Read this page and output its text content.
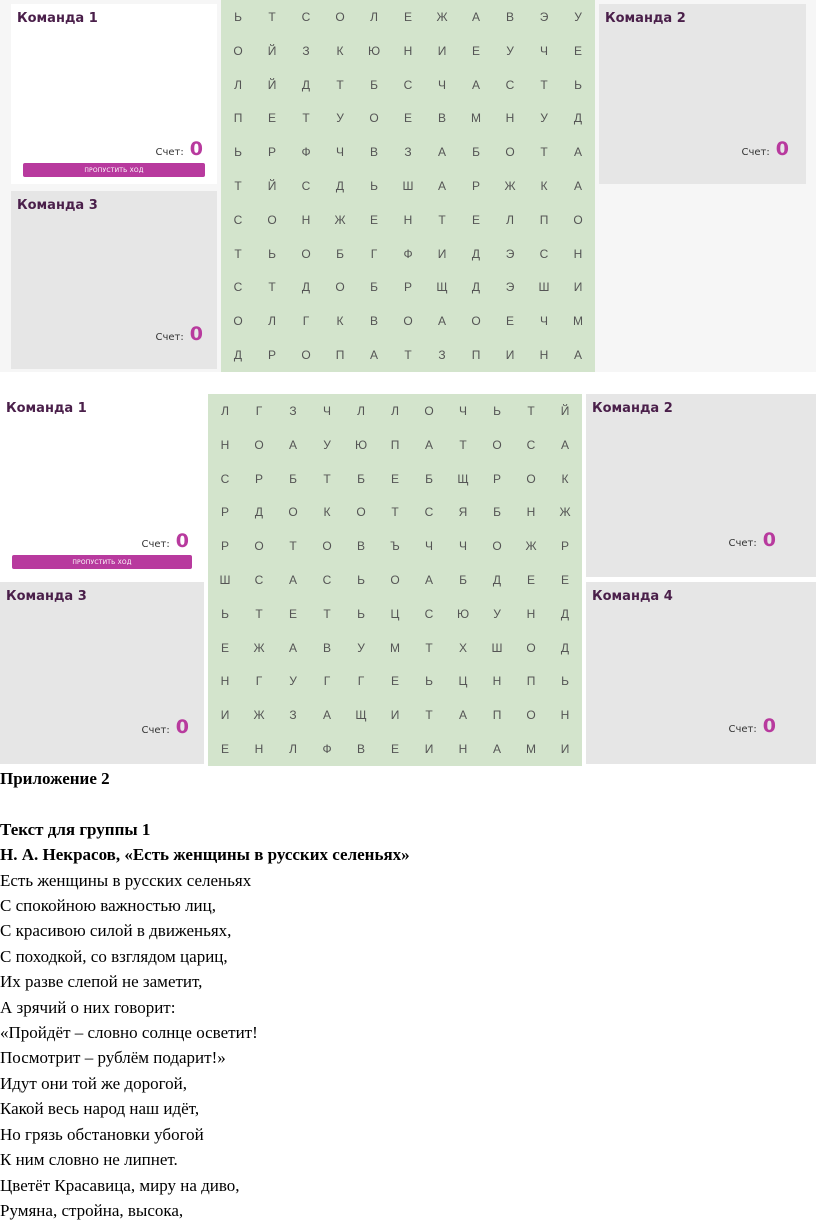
Команда 1
Счет: 0
ПРОПУСТИТЬ ХОД
Команда 3
Счет: 0
Ь	Т	С	О	Л	Е	Ж	А	В	Э	У
О	Й	З	К	Ю	Н	И	Е	У	Ч	Е
Л	Й	Д	Т	Б	С	Ч	А	С	Т	Ь
П	Е	Т	У	О	Е	В	М	Н	У	Д
Ь	Р	Ф	Ч	В	З	А	Б	О	Т	А
Т	Й	С	Д	Ь	Ш	А	Р	Ж	К	А
С	О	Н	Ж	Е	Н	Т	Е	Л	П	О
Т	Ь	О	Б	Г	Ф	И	Д	Э	С	Н
С	Т	Д	О	Б	Р	Щ	Д	Э	Ш	И
О	Л	Г	К	В	О	А	О	Е	Ч	М
Д	Р	О	П	А	Т	З	П	И	Н	А
Команда 2
Счет: 0
Команда 1
Счет: 0
ПРОПУСТИТЬ ХОД
Команда 3
Счет: 0
Л	Г	З	Ч	Л	Л	О	Ч	Ь	Т	Й
Н	О	А	У	Ю	П	А	Т	О	С	А
С	Р	Б	Т	Б	Е	Б	Щ	Р	О	К
Р	Д	О	К	О	Т	С	Я	Б	Н	Ж
Р	О	Т	О	В	Ъ	Ч	Ч	О	Ж	Р
Ш	С	А	С	Ь	О	А	Б	Д	Е	Е
Ь	Т	Е	Т	Ь	Ц	С	Ю	У	Н	Д
Е	Ж	А	В	У	М	Т	Х	Ш	О	Д
Н	Г	У	Г	Г	Е	Ь	Ц	Н	П	Ь
И	Ж	З	А	Щ	И	Т	А	П	О	Н
Е	Н	Л	Ф	В	Е	И	Н	А	М	И
Команда 2
Счет: 0
Команда 4
Счет: 0

Приложение 2

Текст для группы 1

Н. А. Некрасов, «Есть женщины в русских селеньях»

Есть женщины в русских селеньях

С спокойною важностью лиц,

С красивою силой в движеньях,

С походкой, со взглядом цариц,

Их разве слепой не заметит,

А зрячий о них говорит:

«Пройдёт – словно солнце осветит!

Посмотрит – рублём подарит!»

Идут они той же дорогой,

Какой весь народ наш идёт,

Но грязь обстановки убогой

К ним словно не липнет.

Цветёт Красавица, миру на диво,

Румяна, стройна, высока,
